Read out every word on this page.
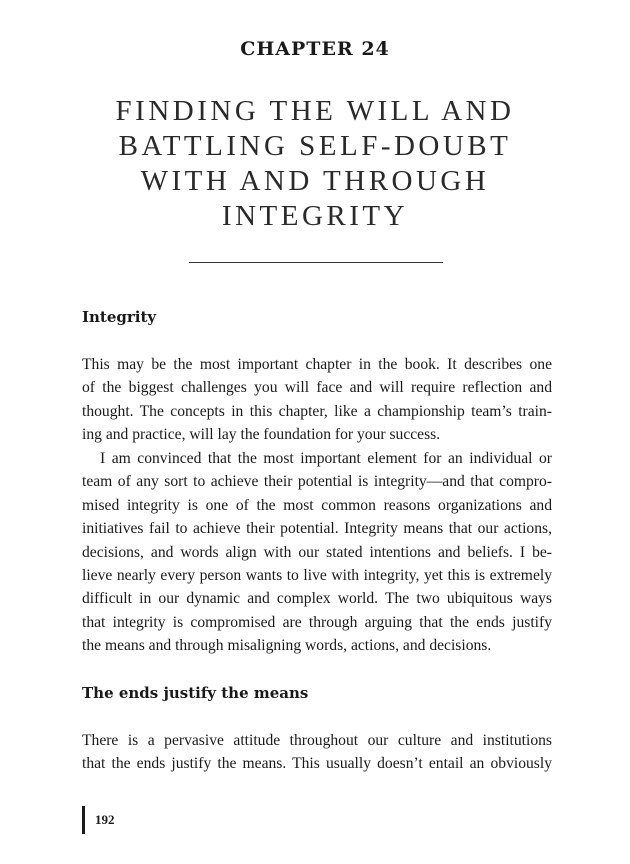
CHAPTER 24
FINDING THE WILL AND
BATTLING SELF-DOUBT
WITH AND THROUGH
INTEGRITY
Integrity
This may be the most important chapter in the book. It describes one
of the biggest challenges you will face and will require reflection and
thought. The concepts in this chapter, like a championship team’s train-
ing and practice, will lay the foundation for your success.
I am convinced that the most important element for an individual or
team of any sort to achieve their potential is integrity—and that compro-
mised integrity is one of the most common reasons organizations and
initiatives fail to achieve their potential. Integrity means that our actions,
decisions, and words align with our stated intentions and beliefs. I be-
lieve nearly every person wants to live with integrity, yet this is extremely
difficult in our dynamic and complex world. The two ubiquitous ways
that integrity is compromised are through arguing that the ends justify
the means and through misaligning words, actions, and decisions.
The ends justify the means
There is a pervasive attitude throughout our culture and institutions
that the ends justify the means. This usually doesn’t entail an obviously
192
